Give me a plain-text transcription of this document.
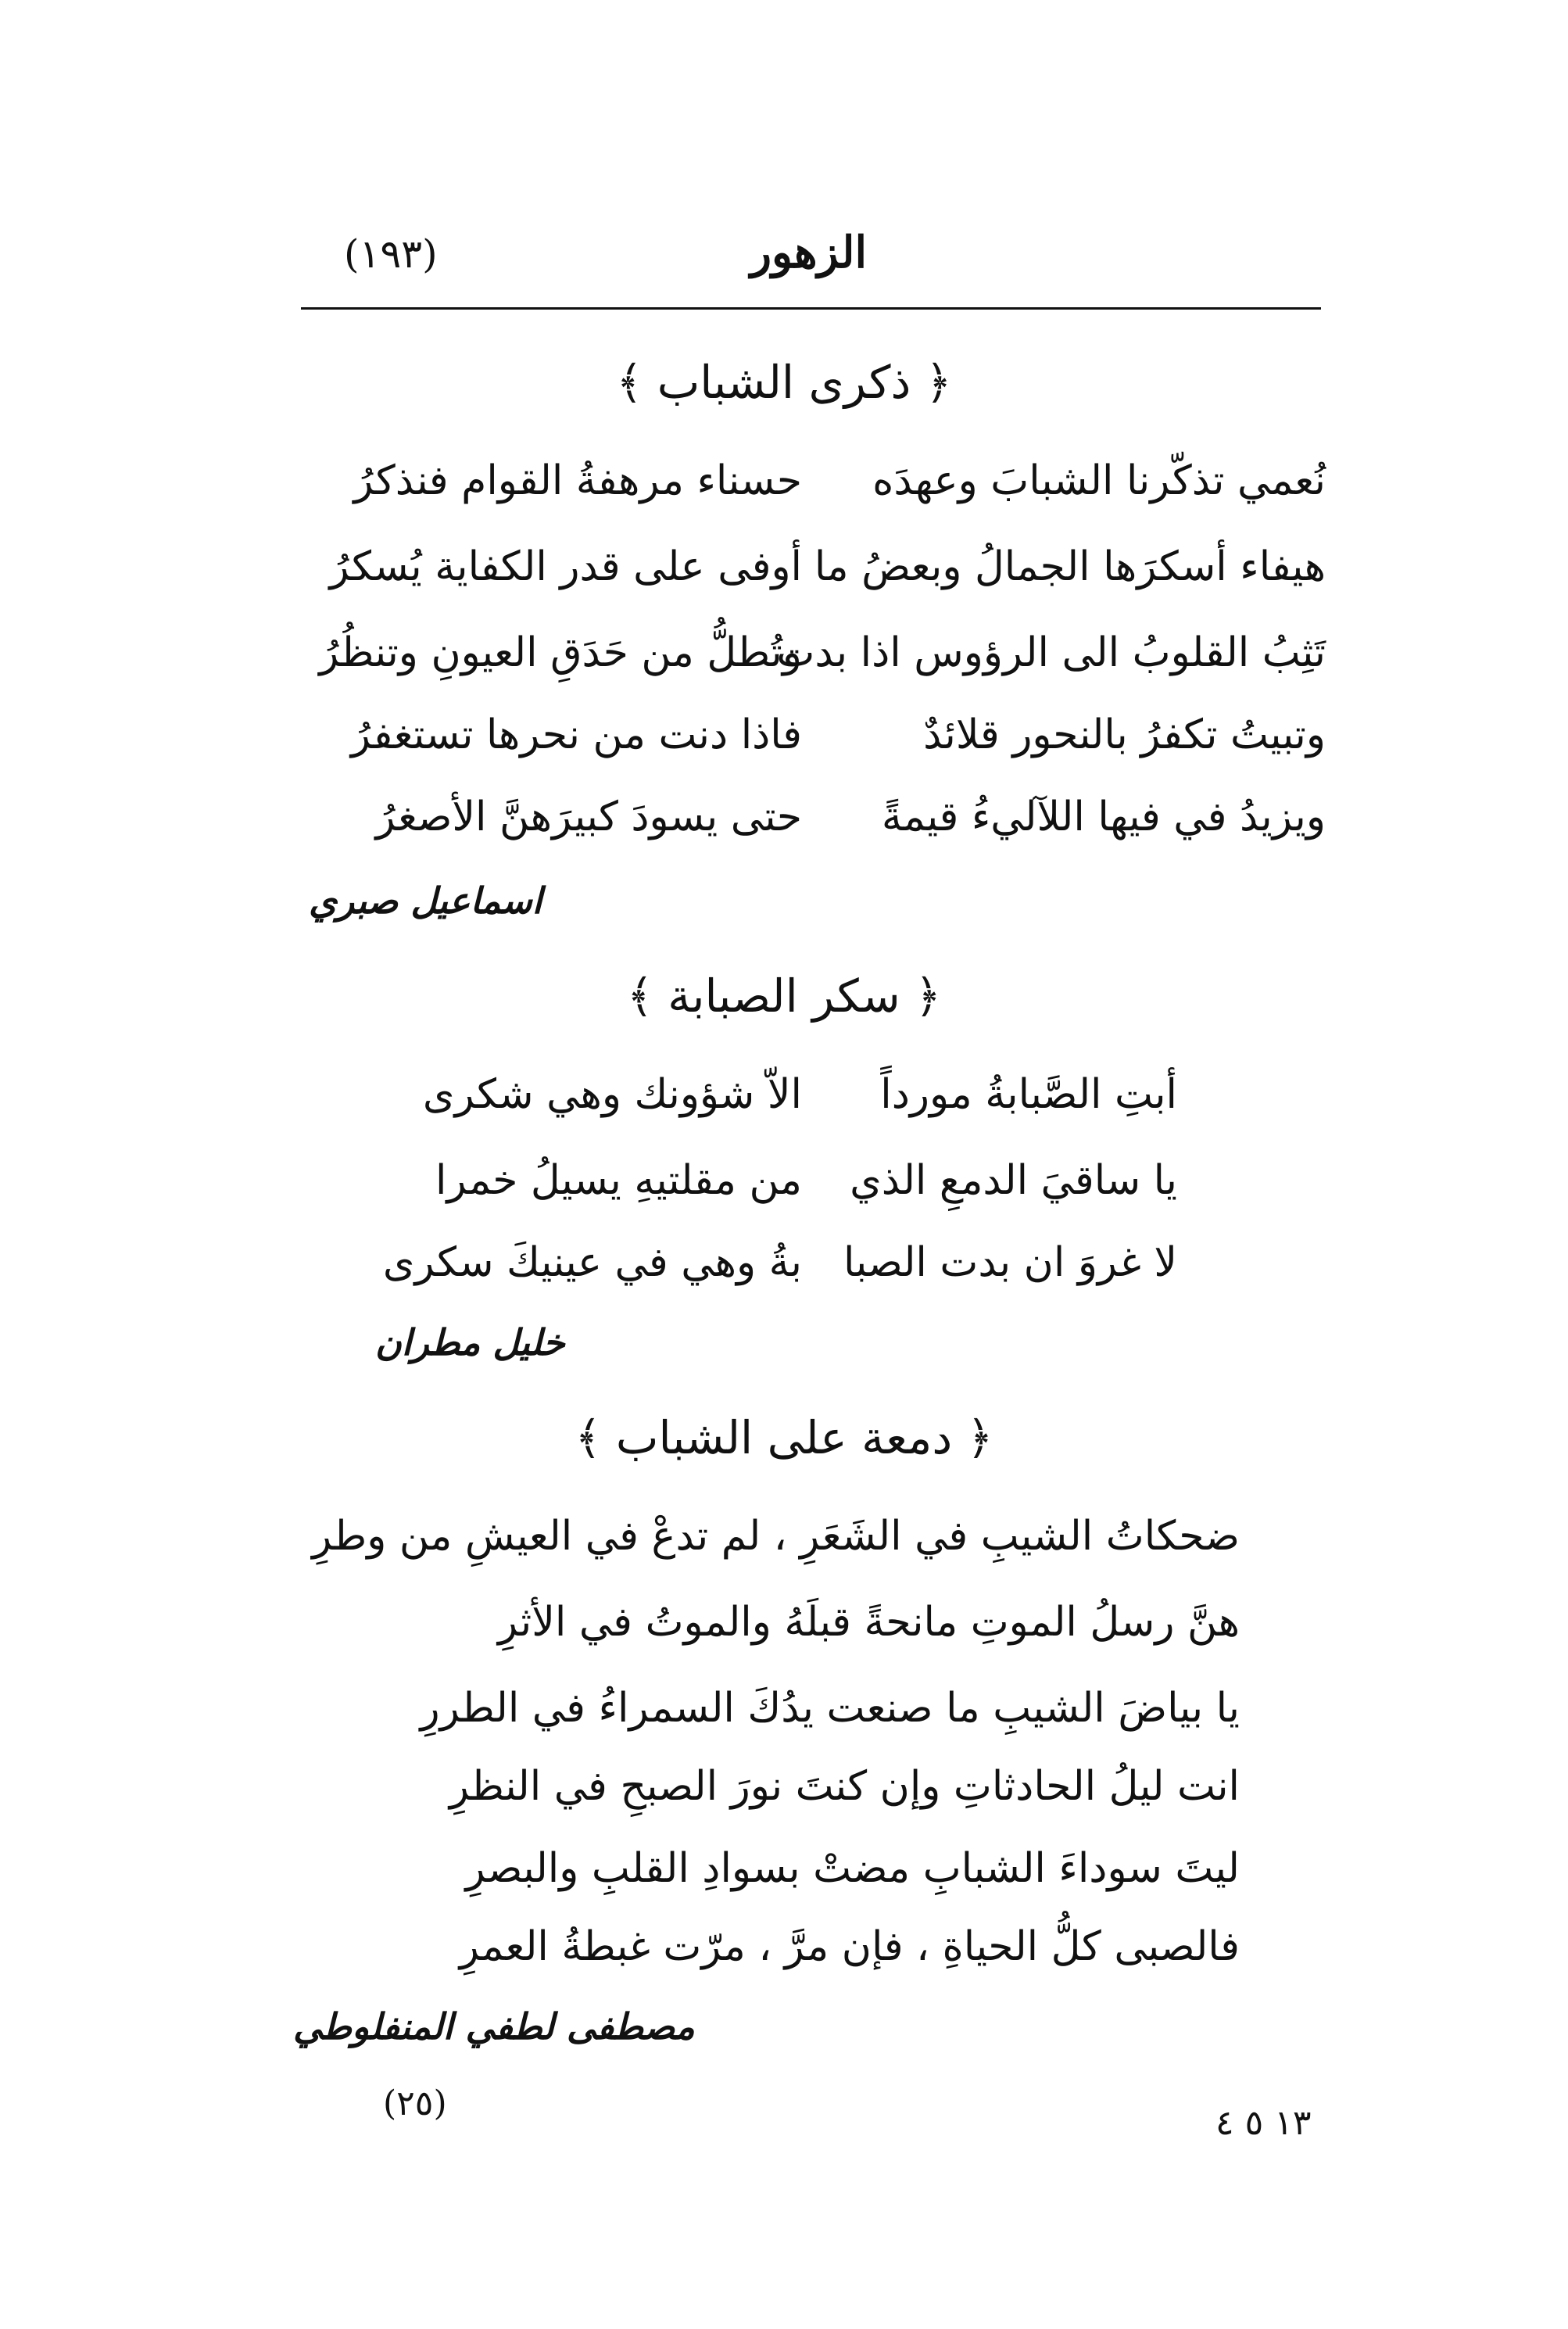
(١٩٣)	الزهور
﴿ ذكرى الشباب ﴾
نُعمي تذكّرنا الشبابَ وعهدَه
حسناء مرهفةُ القوام فنذكرُ
هيفاء أسكرَها الجمالُ وبعضُ ما
أوفى على قدر الكفاية يُسكرُ
تَثِبُ القلوبُ الى الرؤوس اذا بدت
وتُطلُّ من حَدَقِ العيونِ وتنظُرُ
وتبيتُ تكفرُ بالنحور قلائدٌ
فاذا دنت من نحرها تستغفرُ
ويزيدُ في فيها اللآليءُ قيمةً
حتى يسودَ كبيرَهنَّ الأصغرُ
اسماعيل صبري
﴿ سكر الصبابة ﴾
أبتِ الصَّبابةُ مورداً
الاّ شؤونك وهي شكرى
يا ساقيَ الدمعِ الذي
من مقلتيهِ يسيلُ خمرا
لا غروَ ان بدت الصبا
بةُ وهي في عينيكَ سكرى
خليل مطران
﴿ دمعة على الشباب ﴾
ضحكاتُ الشيبِ في الشَعَرِ ، لم تدعْ في العيشِ من وطرِ
هنَّ رسلُ الموتِ مانحةً قبلَهُ والموتُ في الأثرِ
يا بياضَ الشيبِ ما صنعت يدُكَ السمراءُ في الطررِ
انت ليلُ الحادثاتِ وإن كنتَ نورَ الصبحِ في النظرِ
ليتَ سوداءَ الشبابِ مضتْ بسوادِ القلبِ والبصرِ
فالصبى كلُّ الحياةِ ، فإن مرَّ ، مرّت غبطةُ العمرِ
مصطفى لطفي المنفلوطي
(٢٥)	١٣ ٥ ٤
